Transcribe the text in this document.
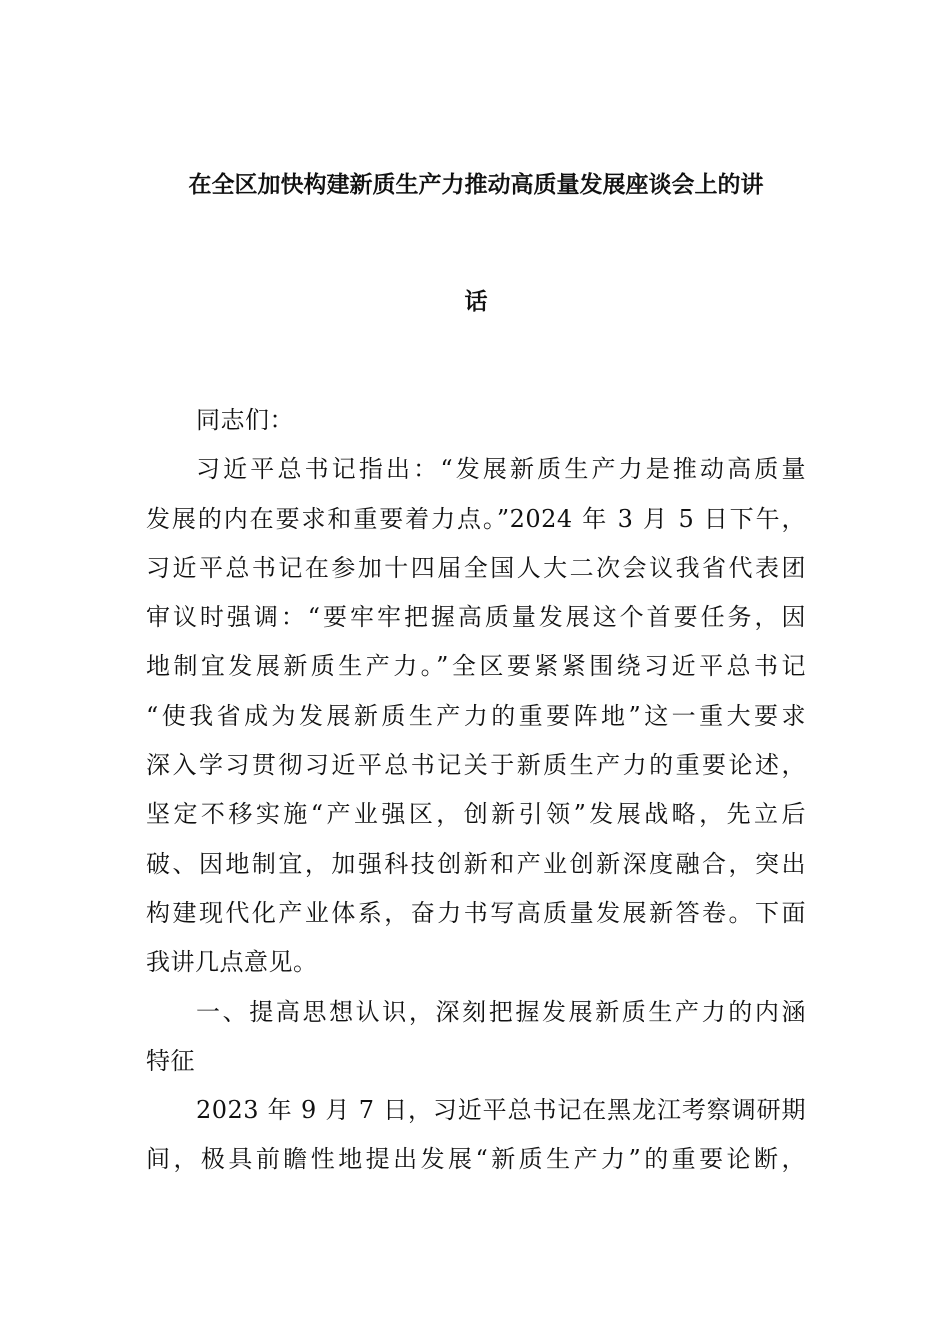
在全区加快构建新质生产力推动高质量发展座谈会上的讲
话
同志们：
习近平总书记指出：“发展新质生产力是推动高质量
发展的内在要求和重要着力点。”2024 年 3 月 5 日下午，
习近平总书记在参加十四届全国人大二次会议我省代表团
审议时强调：“要牢牢把握高质量发展这个首要任务，因
地制宜发展新质生产力。”全区要紧紧围绕习近平总书记
“使我省成为发展新质生产力的重要阵地”这一重大要求
深入学习贯彻习近平总书记关于新质生产力的重要论述，
坚定不移实施“产业强区，创新引领”发展战略，先立后
破、因地制宜，加强科技创新和产业创新深度融合，突出
构建现代化产业体系，奋力书写高质量发展新答卷。下面
我讲几点意见。
一、提高思想认识，深刻把握发展新质生产力的内涵
特征
2023 年 9 月 7 日，习近平总书记在黑龙江考察调研期
间，极具前瞻性地提出发展“新质生产力”的重要论断，
